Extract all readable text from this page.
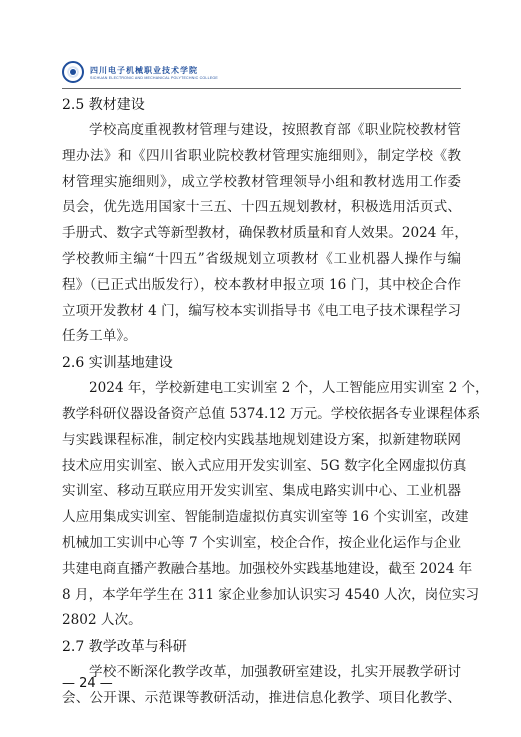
四川电子机械职业技术学院
SICHUAN ELECTRONIC AND MECHANICAL POLYTECHNIC COLLEGE

2.5 教材建设

学校高度重视教材管理与建设，按照教育部《职业院校教材管

理办法》和《四川省职业院校教材管理实施细则》，制定学校《教

材管理实施细则》，成立学校教材管理领导小组和教材选用工作委

员会，优先选用国家十三五、十四五规划教材，积极选用活页式、

手册式、数字式等新型教材，确保教材质量和育人效果。2024 年，

学校教师主编“十四五”省级规划立项教材《工业机器人操作与编

程》（已正式出版发行），校本教材申报立项 16 门，其中校企合作

立项开发教材 4 门，编写校本实训指导书《电工电子技术课程学习

任务工单》。

2.6 实训基地建设

2024 年，学校新建电工实训室 2 个，人工智能应用实训室 2 个，

教学科研仪器设备资产总值 5374.12 万元。学校依据各专业课程体系

与实践课程标准，制定校内实践基地规划建设方案，拟新建物联网

技术应用实训室、嵌入式应用开发实训室、5G 数字化全网虚拟仿真

实训室、移动互联应用开发实训室、集成电路实训中心、工业机器

人应用集成实训室、智能制造虚拟仿真实训室等 16 个实训室，改建

机械加工实训中心等 7 个实训室，校企合作，按企业化运作与企业

共建电商直播产教融合基地。加强校外实践基地建设，截至 2024 年

8 月，本学年学生在 311 家企业参加认识实习 4540 人次，岗位实习

2802 人次。

2.7 教学改革与科研

学校不断深化教学改革，加强教研室建设，扎实开展教学研讨

会、公开课、示范课等教研活动，推进信息化教学、项目化教学、

— 24 —
